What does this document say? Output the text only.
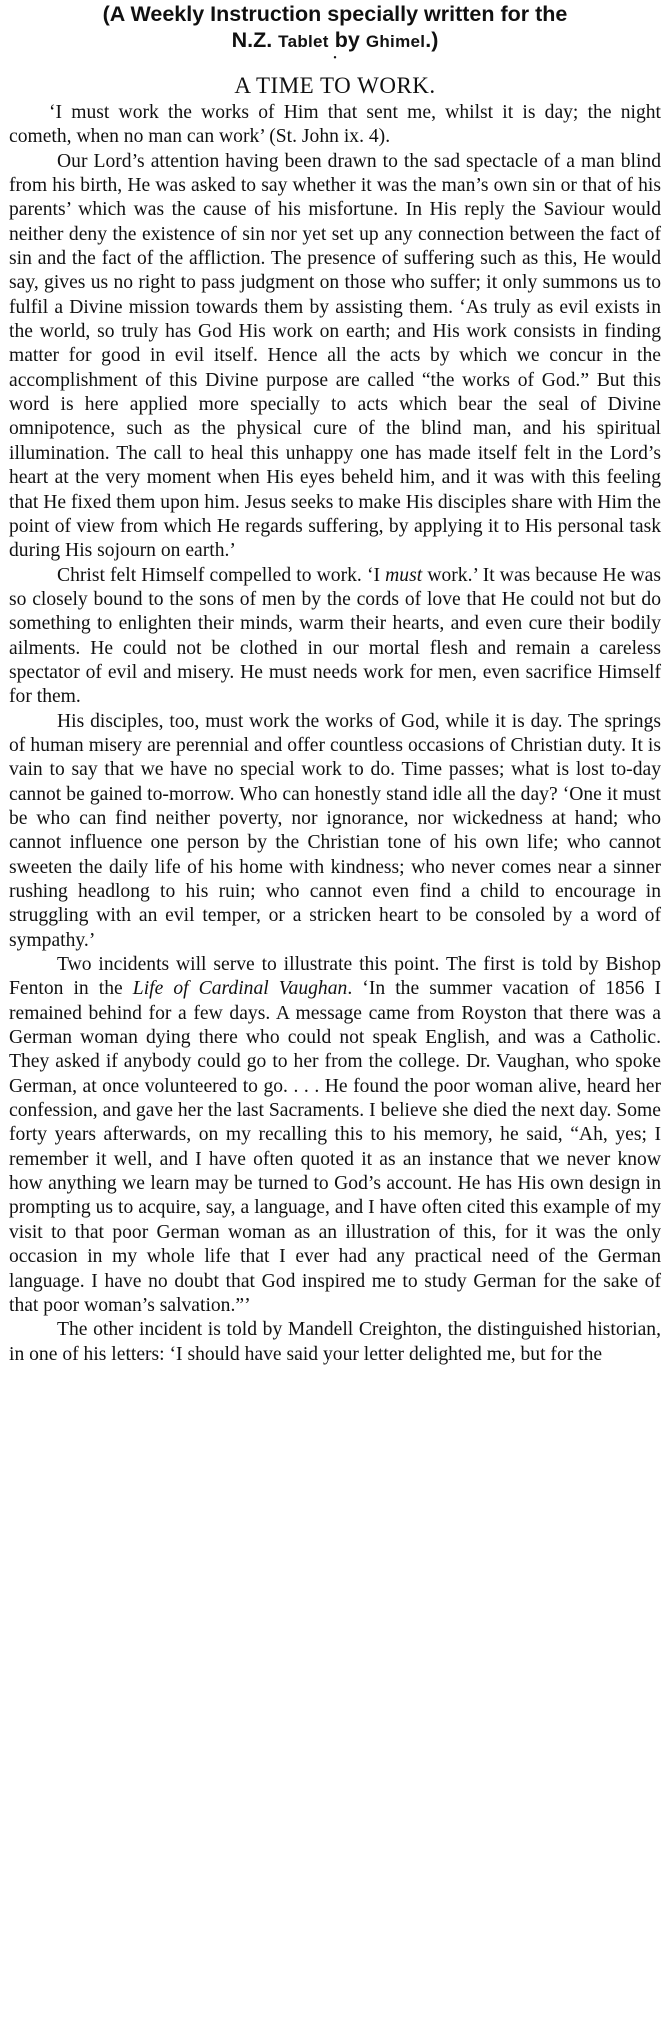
(A Weekly Instruction specially written for the
N.Z. Tablet by Ghimel.)
•
A TIME TO WORK.

‘I must work the works of Him that sent me, whilst it is day; the night cometh, when no man can work’ (St. John ix. 4).

Our Lord’s attention having been drawn to the sad spectacle of a man blind from his birth, He was asked to say whether it was the man’s own sin or that of his parents’ which was the cause of his misfortune. In His reply the Saviour would neither deny the existence of sin nor yet set up any connection between the fact of sin and the fact of the affliction. The presence of suffering such as this, He would say, gives us no right to pass judgment on those who suffer; it only summons us to fulfil a Divine mission towards them by assisting them. ‘As truly as evil exists in the world, so truly has God His work on earth; and His work consists in finding matter for good in evil itself. Hence all the acts by which we concur in the accomplishment of this Divine purpose are called “the works of God.” But this word is here applied more specially to acts which bear the seal of Divine omnipotence, such as the physical cure of the blind man, and his spiritual illumination. The call to heal this unhappy one has made itself felt in the Lord’s heart at the very moment when His eyes beheld him, and it was with this feeling that He fixed them upon him. Jesus seeks to make His disciples share with Him the point of view from which He regards suffering, by applying it to His personal task during His sojourn on earth.’

Christ felt Himself compelled to work. ‘I must work.’ It was because He was so closely bound to the sons of men by the cords of love that He could not but do something to enlighten their minds, warm their hearts, and even cure their bodily ailments. He could not be clothed in our mortal flesh and remain a careless spectator of evil and misery. He must needs work for men, even sacrifice Himself for them.

His disciples, too, must work the works of God, while it is day. The springs of human misery are perennial and offer countless occasions of Christian duty. It is vain to say that we have no special work to do. Time passes; what is lost to-day cannot be gained to-morrow. Who can honestly stand idle all the day? ‘One it must be who can find neither poverty, nor ignorance, nor wickedness at hand; who cannot influence one person by the Christian tone of his own life; who cannot sweeten the daily life of his home with kindness; who never comes near a sinner rushing headlong to his ruin; who cannot even find a child to encourage in struggling with an evil temper, or a stricken heart to be consoled by a word of sympathy.’

Two incidents will serve to illustrate this point. The first is told by Bishop Fenton in the Life of Cardinal Vaughan. ‘In the summer vacation of 1856 I remained behind for a few days. A message came from Royston that there was a German woman dying there who could not speak English, and was a Catholic. They asked if anybody could go to her from the college. Dr. Vaughan, who spoke German, at once volunteered to go. . . . He found the poor woman alive, heard her confession, and gave her the last Sacraments. I believe she died the next day. Some forty years afterwards, on my recalling this to his memory, he said, “Ah, yes; I remember it well, and I have often quoted it as an instance that we never know how anything we learn may be turned to God’s account. He has His own design in prompting us to acquire, say, a language, and I have often cited this example of my visit to that poor German woman as an illustration of this, for it was the only occasion in my whole life that I ever had any practical need of the German language. I have no doubt that God inspired me to study German for the sake of that poor woman’s salvation.”’

The other incident is told by Mandell Creighton, the distinguished historian, in one of his letters: ‘I should have said your letter delighted me, but for the
